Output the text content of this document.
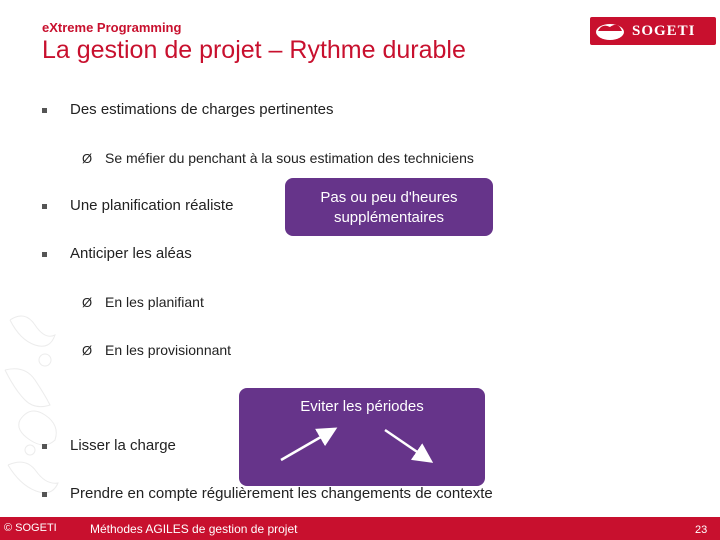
eXtreme Programming
La gestion de projet – Rythme durable
SOGETI
Des estimations de charges pertinentes
Ø Se méfier du penchant à la sous estimation des techniciens
Une planification réaliste	Pas ou peu d'heures supplémentaires
Anticiper les aléas
Ø En les planifiant
Ø En les provisionnant
Eviter les périodes
Lisser la charge
Prendre en compte régulièrement les changements de contexte
© SOGETI	Méthodes AGILES de gestion de projet	23
